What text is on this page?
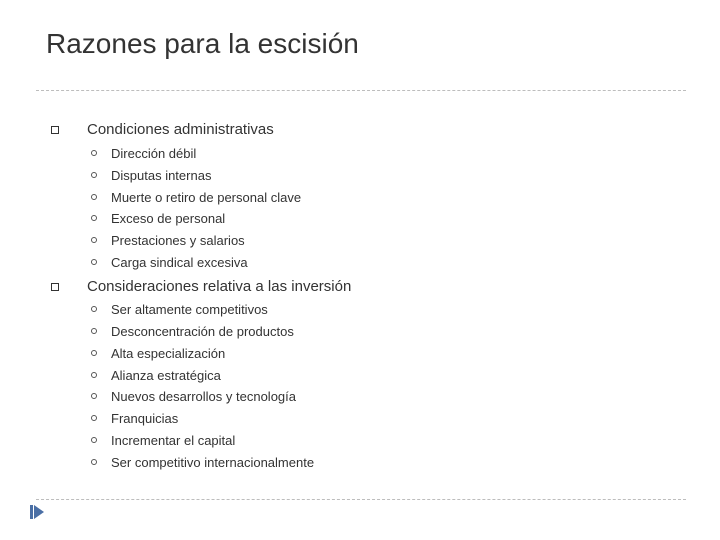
Razones para la escisión
Condiciones administrativas
Dirección débil
Disputas internas
Muerte o retiro de personal clave
Exceso de personal
Prestaciones y salarios
Carga sindical excesiva
Consideraciones relativa a las inversión
Ser altamente competitivos
Desconcentración de productos
Alta especialización
Alianza estratégica
Nuevos desarrollos y tecnología
Franquicias
Incrementar el capital
Ser competitivo internacionalmente
